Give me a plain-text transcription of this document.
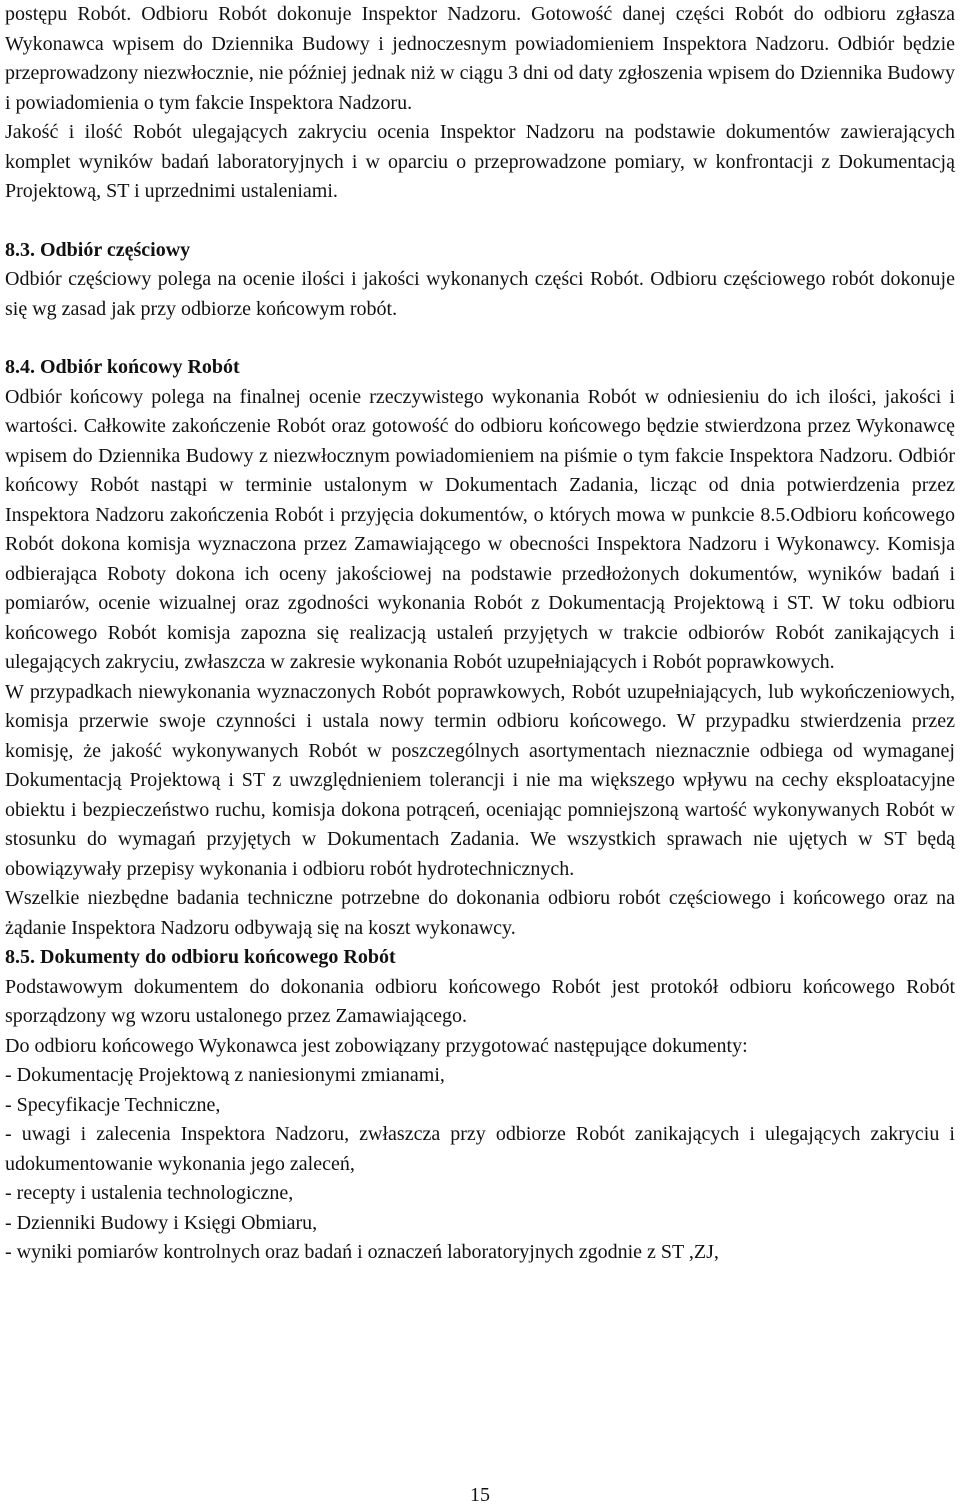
postępu Robót. Odbioru Robót dokonuje Inspektor Nadzoru. Gotowość danej części Robót do odbioru zgłasza Wykonawca wpisem do Dziennika Budowy i jednoczesnym powiadomieniem Inspektora Nadzoru. Odbiór będzie przeprowadzony niezwłocznie, nie później jednak niż w ciągu 3 dni od daty zgłoszenia wpisem do Dziennika Budowy i powiadomienia o tym fakcie Inspektora Nadzoru.

Jakość i ilość Robót ulegających zakryciu ocenia Inspektor Nadzoru na podstawie dokumentów zawierających komplet wyników badań laboratoryjnych i w oparciu o przeprowadzone pomiary, w konfrontacji z Dokumentacją Projektową, ST i uprzednimi ustaleniami.

8.3. Odbiór częściowy

Odbiór częściowy polega na ocenie ilości i jakości wykonanych części Robót. Odbioru częściowego robót dokonuje się wg zasad jak przy odbiorze końcowym robót.

8.4. Odbiór końcowy Robót

Odbiór końcowy polega na finalnej ocenie rzeczywistego wykonania Robót w odniesieniu do ich ilości, jakości i wartości. Całkowite zakończenie Robót oraz gotowość do odbioru końcowego będzie stwierdzona przez Wykonawcę wpisem do Dziennika Budowy z niezwłocznym powiadomieniem na piśmie o tym fakcie Inspektora Nadzoru. Odbiór końcowy Robót nastąpi w terminie ustalonym w Dokumentach Zadania, licząc od dnia potwierdzenia przez Inspektora Nadzoru zakończenia Robót i przyjęcia dokumentów, o których mowa w punkcie 8.5.Odbioru końcowego Robót dokona komisja wyznaczona przez Zamawiającego w obecności Inspektora Nadzoru i Wykonawcy. Komisja odbierająca Roboty dokona ich oceny jakościowej na podstawie przedłożonych dokumentów, wyników badań i pomiarów, ocenie wizualnej oraz zgodności wykonania Robót z Dokumentacją Projektową i ST. W toku odbioru końcowego Robót komisja zapozna się realizacją ustaleń przyjętych w trakcie odbiorów Robót zanikających i ulegających zakryciu, zwłaszcza w zakresie wykonania Robót uzupełniających i Robót poprawkowych.

W przypadkach niewykonania wyznaczonych Robót poprawkowych, Robót uzupełniających, lub wykończeniowych, komisja przerwie swoje czynności i ustala nowy termin odbioru końcowego. W przypadku stwierdzenia przez komisję, że jakość wykonywanych Robót w poszczególnych asortymentach nieznacznie odbiega od wymaganej Dokumentacją Projektową i ST z uwzględnieniem tolerancji i nie ma większego wpływu na cechy eksploatacyjne obiektu i bezpieczeństwo ruchu, komisja dokona potrąceń, oceniając pomniejszoną wartość wykonywanych Robót w stosunku do wymagań przyjętych w Dokumentach Zadania. We wszystkich sprawach nie ujętych w ST będą obowiązywały przepisy wykonania i odbioru robót hydrotechnicznych.

Wszelkie niezbędne badania techniczne potrzebne do dokonania odbioru robót częściowego i końcowego oraz na żądanie Inspektora Nadzoru odbywają się na koszt wykonawcy.

8.5. Dokumenty do odbioru końcowego Robót

Podstawowym dokumentem do dokonania odbioru końcowego Robót jest protokół odbioru końcowego Robót sporządzony wg wzoru ustalonego przez Zamawiającego.

Do odbioru końcowego Wykonawca jest zobowiązany przygotować następujące dokumenty:

- Dokumentację Projektową z naniesionymi zmianami,

- Specyfikacje Techniczne,

- uwagi i zalecenia Inspektora Nadzoru, zwłaszcza przy odbiorze Robót zanikających i ulegających zakryciu i udokumentowanie wykonania jego zaleceń,

- recepty i ustalenia technologiczne,

- Dzienniki Budowy i Księgi Obmiaru,

- wyniki pomiarów kontrolnych oraz badań i oznaczeń laboratoryjnych zgodnie z ST ,ZJ,

15
